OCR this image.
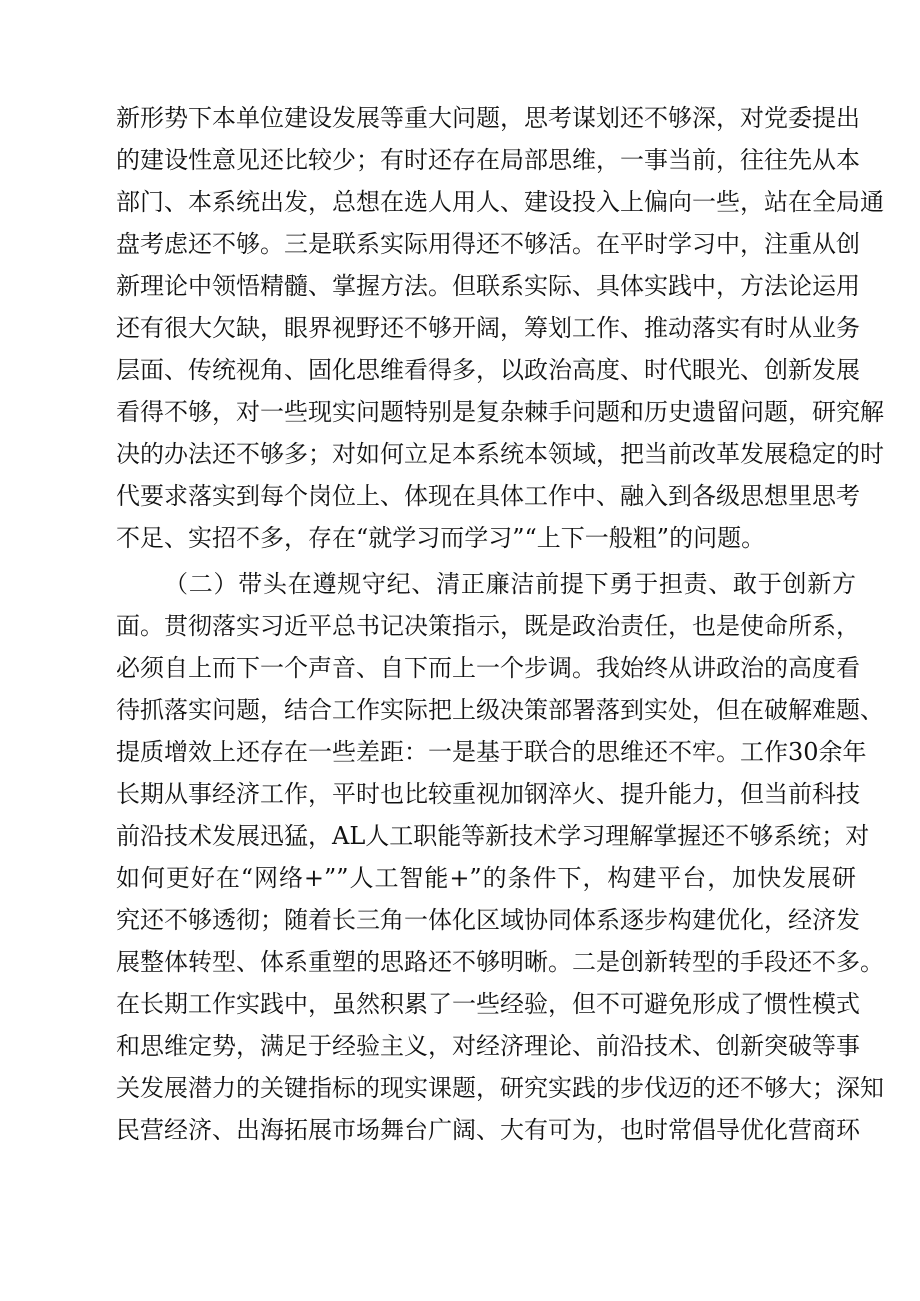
新形势下本单位建设发展等重大问题，思考谋划还不够深，对党委提出
的建设性意见还比较少；有时还存在局部思维，一事当前，往往先从本
部门、本系统出发，总想在选人用人、建设投入上偏向一些，站在全局通
盘考虑还不够。三是联系实际用得还不够活。在平时学习中，注重从创
新理论中领悟精髓、掌握方法。但联系实际、具体实践中，方法论运用
还有很大欠缺，眼界视野还不够开阔，筹划工作、推动落实有时从业务
层面、传统视角、固化思维看得多，以政治高度、时代眼光、创新发展
看得不够，对一些现实问题特别是复杂棘手问题和历史遗留问题，研究解
决的办法还不够多；对如何立足本系统本领域，把当前改革发展稳定的时
代要求落实到每个岗位上、体现在具体工作中、融入到各级思想里思考
不足、实招不多，存在“就学习而学习”“上下一般粗”的问题。
（二）带头在遵规守纪、清正廉洁前提下勇于担责、敢于创新方
面。贯彻落实习近平总书记决策指示，既是政治责任，也是使命所系，
必须自上而下一个声音、自下而上一个步调。我始终从讲政治的高度看
待抓落实问题，结合工作实际把上级决策部署落到实处，但在破解难题、
提质增效上还存在一些差距：一是基于联合的思维还不牢。工作30余年
长期从事经济工作，平时也比较重视加钢淬火、提升能力，但当前科技
前沿技术发展迅猛，AL人工职能等新技术学习理解掌握还不够系统；对
如何更好在“网络+””人工智能+”的条件下，构建平台，加快发展研
究还不够透彻；随着长三角一体化区域协同体系逐步构建优化，经济发
展整体转型、体系重塑的思路还不够明晰。二是创新转型的手段还不多。
在长期工作实践中，虽然积累了一些经验，但不可避免形成了惯性模式
和思维定势，满足于经验主义，对经济理论、前沿技术、创新突破等事
关发展潜力的关键指标的现实课题，研究实践的步伐迈的还不够大；深知
民营经济、出海拓展市场舞台广阔、大有可为，也时常倡导优化营商环
